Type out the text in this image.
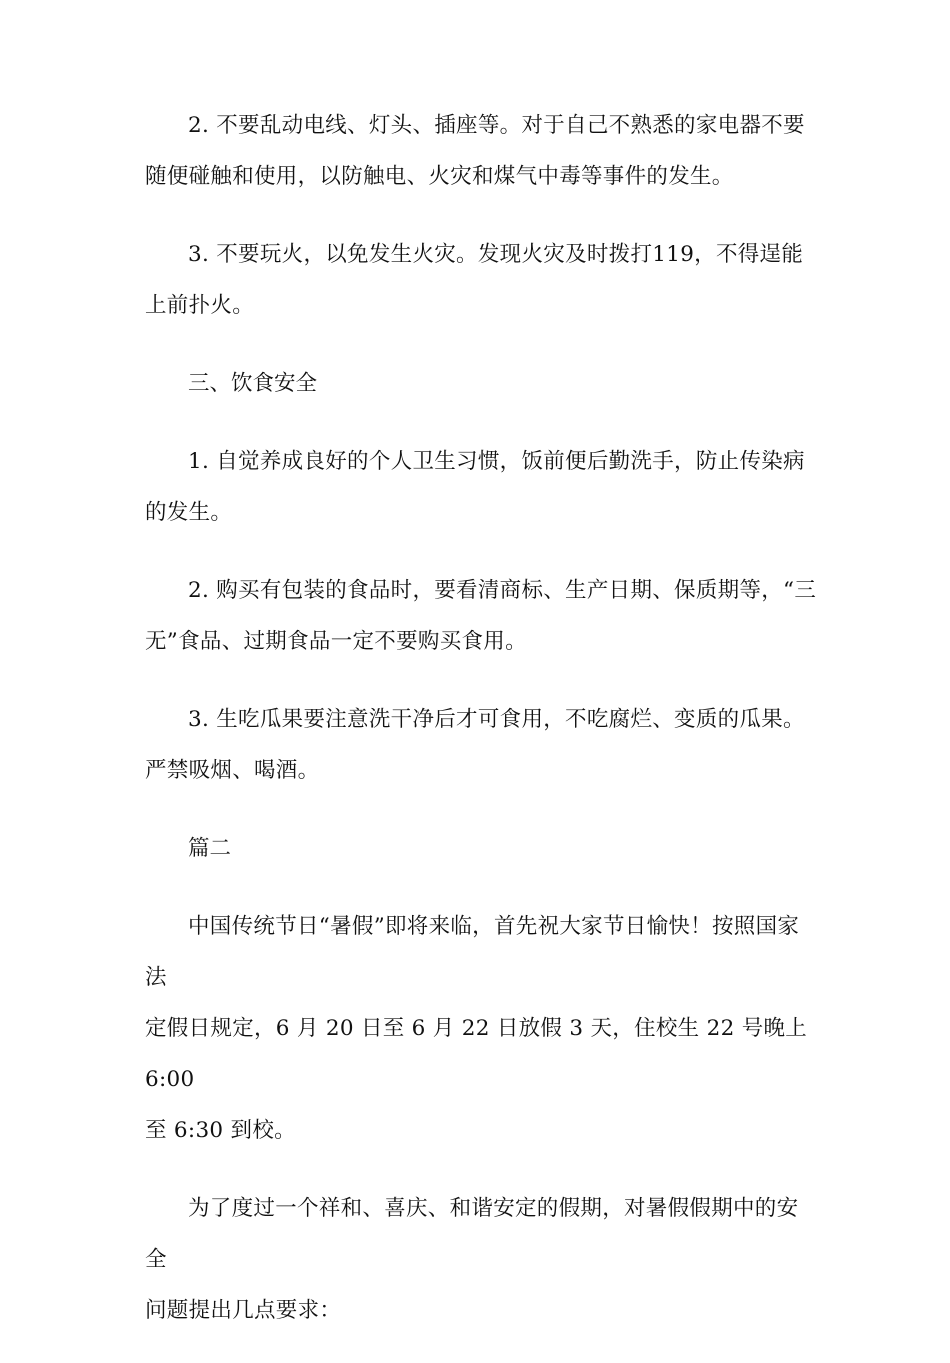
2. 不要乱动电线、灯头、插座等。对于自己不熟悉的家电器不要
随便碰触和使用，以防触电、火灾和煤气中毒等事件的发生。

3. 不要玩火，以免发生火灾。发现火灾及时拨打119，不得逞能
上前扑火。

三、饮食安全

1. 自觉养成良好的个人卫生习惯，饭前便后勤洗手，防止传染病
的发生。

2. 购买有包装的食品时，要看清商标、生产日期、保质期等，“三
无”食品、过期食品一定不要购买食用。

3. 生吃瓜果要注意洗干净后才可食用，不吃腐烂、变质的瓜果。
严禁吸烟、喝酒。

篇二

中国传统节日“暑假”即将来临，首先祝大家节日愉快！按照国家法
定假日规定，6 月 20 日至 6 月 22 日放假 3 天，住校生 22 号晚上 6:00
至 6:30 到校。

为了度过一个祥和、喜庆、和谐安定的假期，对暑假假期中的安全
问题提出几点要求：
